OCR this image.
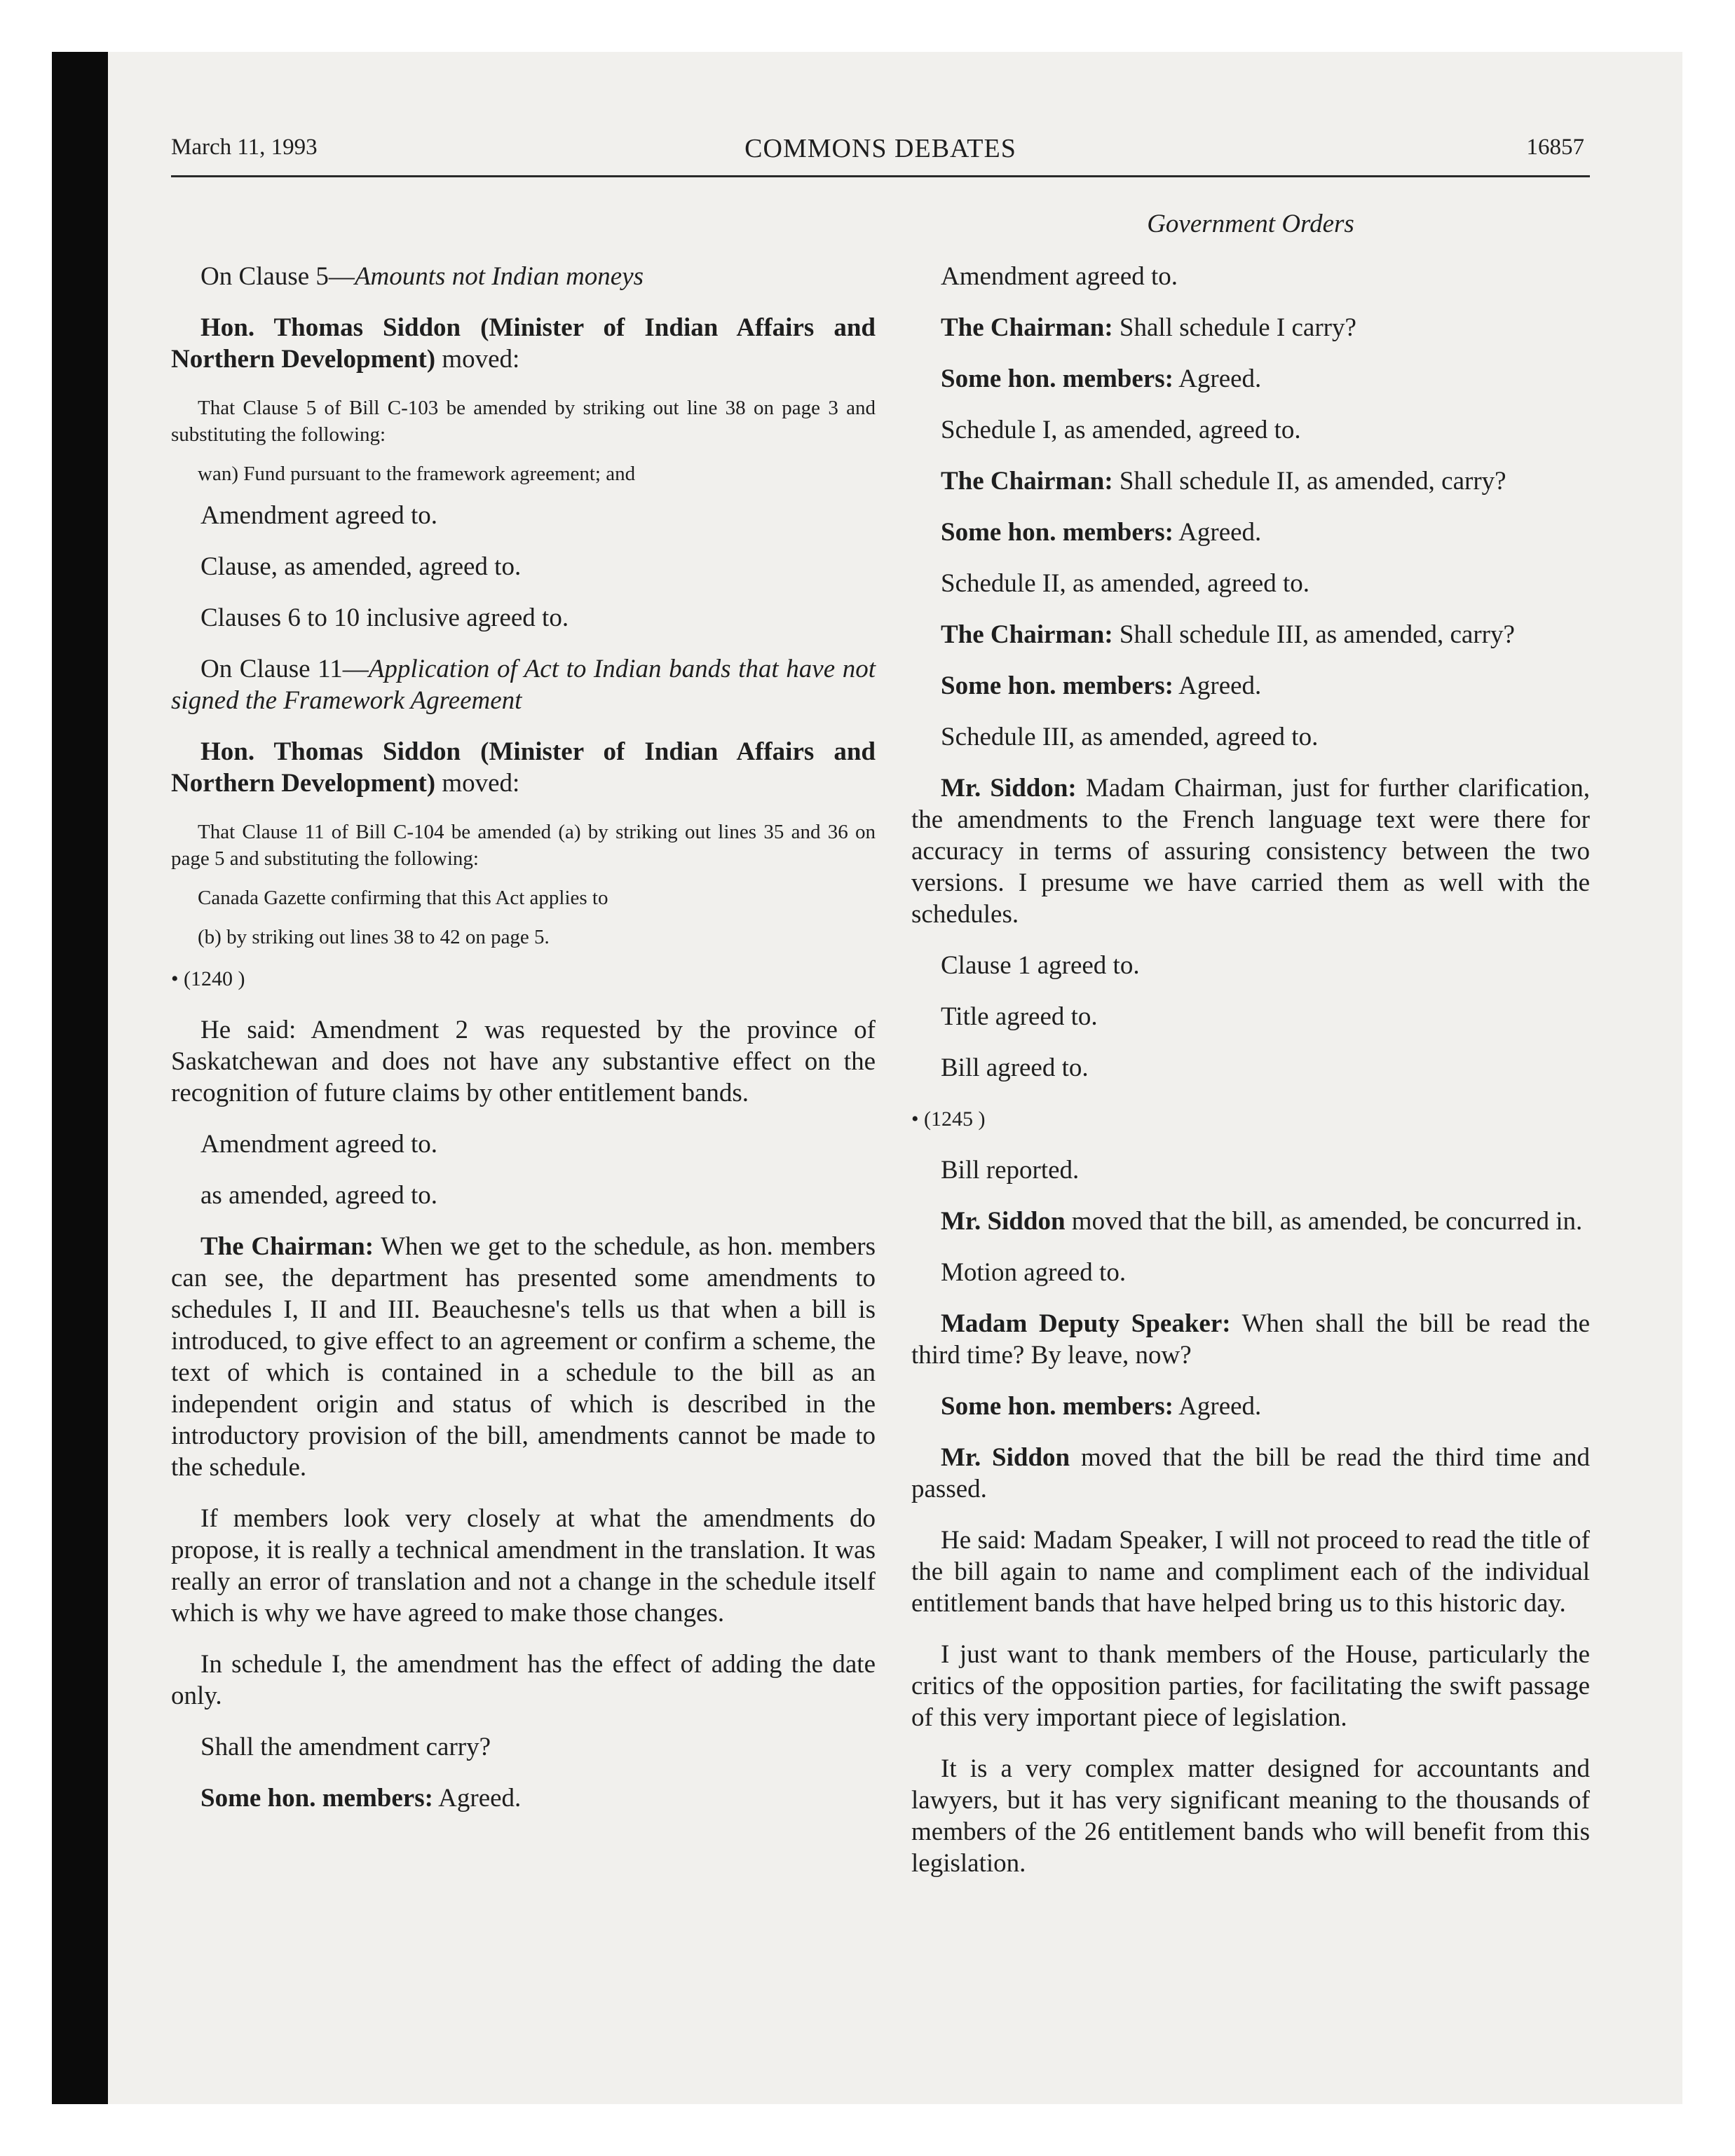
March 11, 1993	COMMONS DEBATES	16857
Government Orders

On Clause 5—Amounts not Indian moneys

Hon. Thomas Siddon (Minister of Indian Affairs and Northern Development) moved:

That Clause 5 of Bill C-103 be amended by striking out line 38 on page 3 and substituting the following:

wan) Fund pursuant to the framework agreement; and

Amendment agreed to.

Clause, as amended, agreed to.

Clauses 6 to 10 inclusive agreed to.

On Clause 11—Application of Act to Indian bands that have not signed the Framework Agreement

Hon. Thomas Siddon (Minister of Indian Affairs and Northern Development) moved:

That Clause 11 of Bill C-104 be amended (a) by striking out lines 35 and 36 on page 5 and substituting the following:

Canada Gazette confirming that this Act applies to

(b) by striking out lines 38 to 42 on page 5.

• (1240 )

He said: Amendment 2 was requested by the province of Saskatchewan and does not have any substantive effect on the recognition of future claims by other entitlement bands.

Amendment agreed to.

as amended, agreed to.

The Chairman: When we get to the schedule, as hon. members can see, the department has presented some amendments to schedules I, II and III. Beauchesne's tells us that when a bill is introduced, to give effect to an agreement or confirm a scheme, the text of which is contained in a schedule to the bill as an independent origin and status of which is described in the introductory provision of the bill, amendments cannot be made to the schedule.

If members look very closely at what the amendments do propose, it is really a technical amendment in the translation. It was really an error of translation and not a change in the schedule itself which is why we have agreed to make those changes.

In schedule I, the amendment has the effect of adding the date only.

Shall the amendment carry?

Some hon. members: Agreed.

Amendment agreed to.

The Chairman: Shall schedule I carry?

Some hon. members: Agreed.

Schedule I, as amended, agreed to.

The Chairman: Shall schedule II, as amended, carry?

Some hon. members: Agreed.

Schedule II, as amended, agreed to.

The Chairman: Shall schedule III, as amended, carry?

Some hon. members: Agreed.

Schedule III, as amended, agreed to.

Mr. Siddon: Madam Chairman, just for further clarification, the amendments to the French language text were there for accuracy in terms of assuring consistency between the two versions. I presume we have carried them as well with the schedules.

Clause 1 agreed to.

Title agreed to.

Bill agreed to.

• (1245 )

Bill reported.

Mr. Siddon moved that the bill, as amended, be concurred in.

Motion agreed to.

Madam Deputy Speaker: When shall the bill be read the third time? By leave, now?

Some hon. members: Agreed.

Mr. Siddon moved that the bill be read the third time and passed.

He said: Madam Speaker, I will not proceed to read the title of the bill again to name and compliment each of the individual entitlement bands that have helped bring us to this historic day.

I just want to thank members of the House, particularly the critics of the opposition parties, for facilitating the swift passage of this very important piece of legislation.

It is a very complex matter designed for accountants and lawyers, but it has very significant meaning to the thousands of members of the 26 entitlement bands who will benefit from this legislation.
